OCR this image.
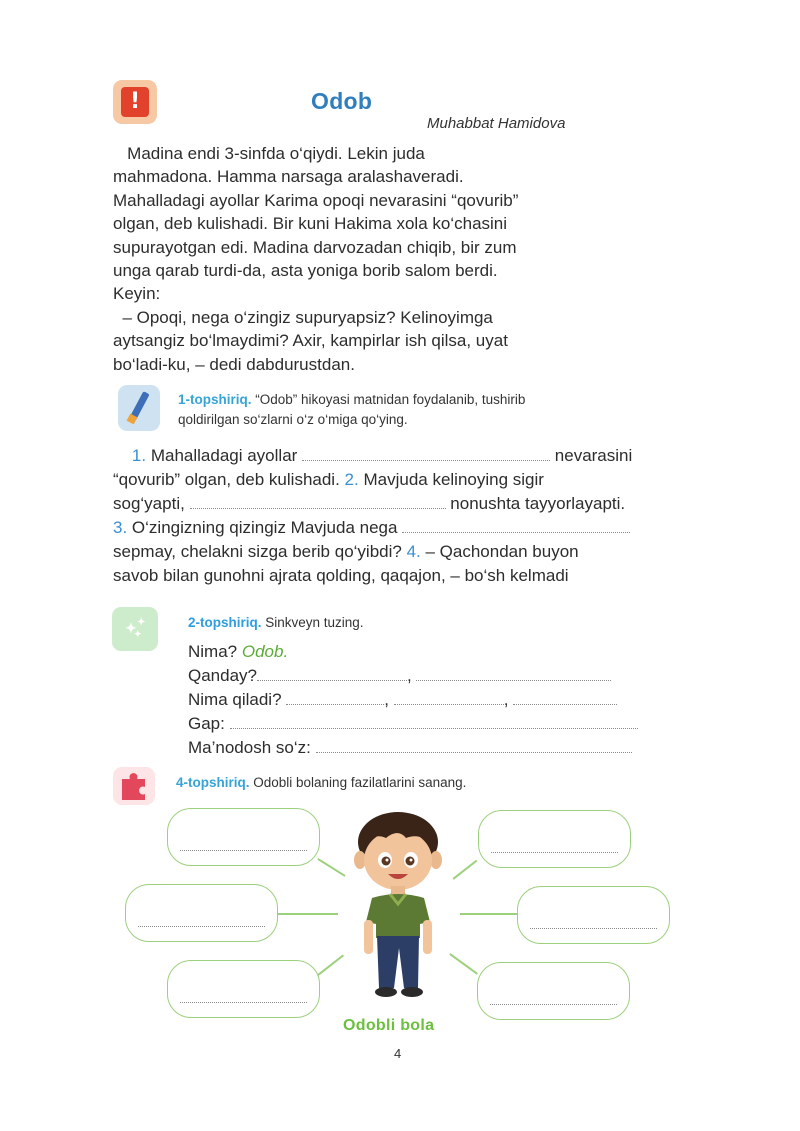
!	Odob
Muhabbat Hamidova

Madina endi 3-sinfda o‘qiydi. Lekin juda

mahmadona. Hamma narsaga aralashaveradi.

Mahalladagi ayollar Karima opoqi nevarasini “qovurib”

olgan, deb kulishadi. Bir kuni Hakima xola ko‘chasini

supurayotgan edi. Madina darvozadan chiqib, bir zum

unga qarab turdi-da, asta yoniga borib salom berdi.

Keyin:

– Opoqi, nega o‘zingiz supuryapsiz? Kelinoyimga

aytsangiz bo‘lmaydimi? Axir, kampirlar ish qilsa, uyat

bo‘ladi-ku, – dedi dabdurustdan.

1-topshiriq. “Odob” hikoyasi matnidan foydalanib, tushirib
qoldirilgan so‘zlarni o‘z o‘miga qo‘ying.
1. Mahalladagi ayollar	nevarasini
“qovurib” olgan, deb kulishadi. 2. Mavjuda kelinoying sigir
sog‘yapti,	nonushta tayyorlayapti.
3. O‘zingizning qizingiz Mavjuda nega
sepmay, chelakni sizga berib qo‘yibdi? 4. – Qachondan buyon
savob bilan gunohni ajrata qolding, qaqajon, – bo‘sh kelmadi
✦ ✦
✦
2-topshiriq. Sinkveyn tuzing.
Nima? Odob.
Qanday?	,
Nima qiladi?	,	,
Gap:
Ma’nodosh so‘z:
4-topshiriq. Odobli bolaning fazilatlarini sanang.
Odobli bola
4
